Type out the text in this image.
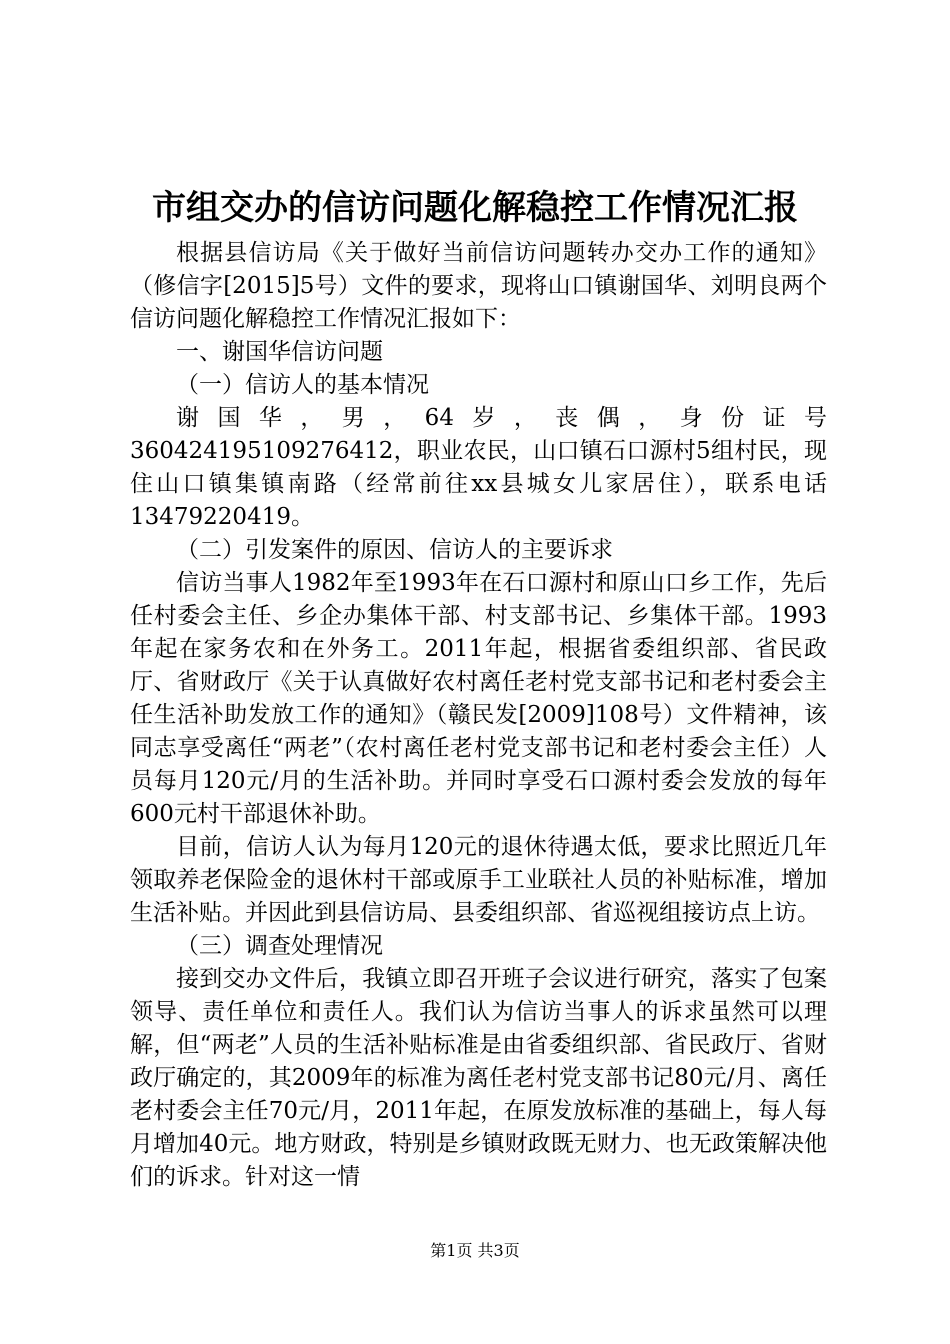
市组交办的信访问题化解稳控工作情况汇报

根据县信访局《关于做好当前信访问题转办交办工作的通知》（修信字[2015]5号）文件的要求，现将山口镇谢国华、刘明良两个信访问题化解稳控工作情况汇报如下：

一、谢国华信访问题

（一）信访人的基本情况

谢国华，男，64岁，丧偶，身份证号360424195109276412，职业农民，山口镇石口源村5组村民，现住山口镇集镇南路（经常前往xx县城女儿家居住），联系电话13479220419。

（二）引发案件的原因、信访人的主要诉求

信访当事人1982年至1993年在石口源村和原山口乡工作，先后任村委会主任、乡企办集体干部、村支部书记、乡集体干部。1993年起在家务农和在外务工。2011年起，根据省委组织部、省民政厅、省财政厅《关于认真做好农村离任老村党支部书记和老村委会主任生活补助发放工作的通知》（赣民发[2009]108号）文件精神，该同志享受离任“两老”（农村离任老村党支部书记和老村委会主任）人员每月120元/月的生活补助。并同时享受石口源村委会发放的每年600元村干部退休补助。

目前，信访人认为每月120元的退休待遇太低，要求比照近几年领取养老保险金的退休村干部或原手工业联社人员的补贴标准，增加生活补贴。并因此到县信访局、县委组织部、省巡视组接访点上访。

（三）调查处理情况

接到交办文件后，我镇立即召开班子会议进行研究，落实了包案领导、责任单位和责任人。我们认为信访当事人的诉求虽然可以理解，但“两老”人员的生活补贴标准是由省委组织部、省民政厅、省财政厅确定的，其2009年的标准为离任老村党支部书记80元/月、离任老村委会主任70元/月，2011年起，在原发放标准的基础上，每人每月增加40元。地方财政，特别是乡镇财政既无财力、也无政策解决他们的诉求。针对这一情

第1页 共3页
